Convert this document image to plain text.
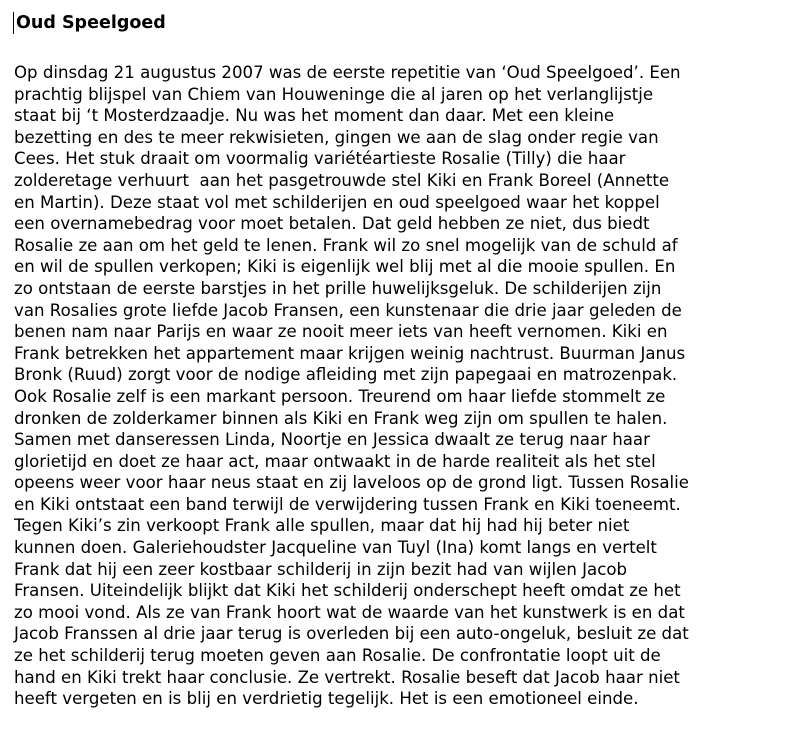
Oud Speelgoed
Op dinsdag 21 augustus 2007 was de eerste repetitie van ‘Oud Speelgoed’. Een
prachtig blijspel van Chiem van Houweninge die al jaren op het verlanglijstje
staat bij ‘t Mosterdzaadje. Nu was het moment dan daar. Met een kleine
bezetting en des te meer rekwisieten, gingen we aan de slag onder regie van
Cees. Het stuk draait om voormalig variétéartieste Rosalie (Tilly) die haar
zolderetage verhuurt  aan het pasgetrouwde stel Kiki en Frank Boreel (Annette
en Martin). Deze staat vol met schilderijen en oud speelgoed waar het koppel
een overnamebedrag voor moet betalen. Dat geld hebben ze niet, dus biedt
Rosalie ze aan om het geld te lenen. Frank wil zo snel mogelijk van de schuld af
en wil de spullen verkopen; Kiki is eigenlijk wel blij met al die mooie spullen. En
zo ontstaan de eerste barstjes in het prille huwelijksgeluk. De schilderijen zijn
van Rosalies grote liefde Jacob Fransen, een kunstenaar die drie jaar geleden de
benen nam naar Parijs en waar ze nooit meer iets van heeft vernomen. Kiki en
Frank betrekken het appartement maar krijgen weinig nachtrust. Buurman Janus
Bronk (Ruud) zorgt voor de nodige afleiding met zijn papegaai en matrozenpak.
Ook Rosalie zelf is een markant persoon. Treurend om haar liefde stommelt ze
dronken de zolderkamer binnen als Kiki en Frank weg zijn om spullen te halen.
Samen met danseressen Linda, Noortje en Jessica dwaalt ze terug naar haar
glorietijd en doet ze haar act, maar ontwaakt in de harde realiteit als het stel
opeens weer voor haar neus staat en zij laveloos op de grond ligt. Tussen Rosalie
en Kiki ontstaat een band terwijl de verwijdering tussen Frank en Kiki toeneemt.
Tegen Kiki’s zin verkoopt Frank alle spullen, maar dat hij had hij beter niet
kunnen doen. Galeriehoudster Jacqueline van Tuyl (Ina) komt langs en vertelt
Frank dat hij een zeer kostbaar schilderij in zijn bezit had van wijlen Jacob
Fransen. Uiteindelijk blijkt dat Kiki het schilderij onderschept heeft omdat ze het
zo mooi vond. Als ze van Frank hoort wat de waarde van het kunstwerk is en dat
Jacob Franssen al drie jaar terug is overleden bij een auto-ongeluk, besluit ze dat
ze het schilderij terug moeten geven aan Rosalie. De confrontatie loopt uit de
hand en Kiki trekt haar conclusie. Ze vertrekt. Rosalie beseft dat Jacob haar niet
heeft vergeten en is blij en verdrietig tegelijk. Het is een emotioneel einde.
